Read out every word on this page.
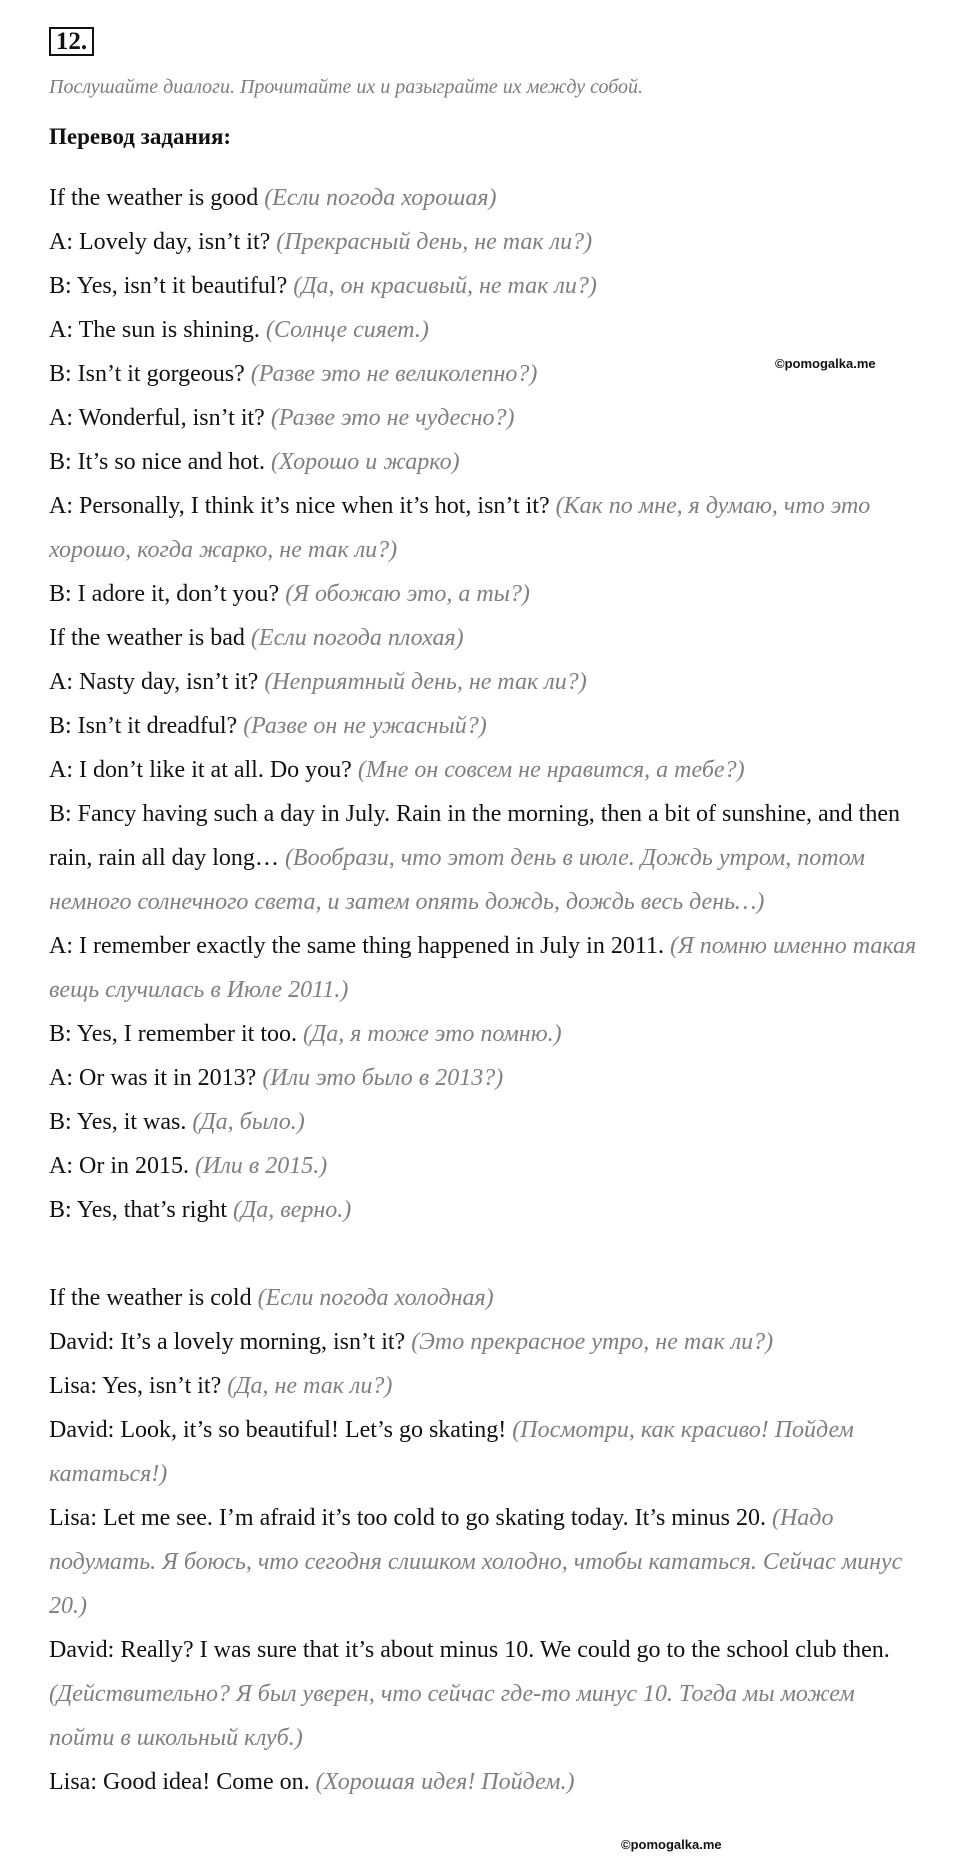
12.
Послушайте диалоги. Прочитайте их и разыграйте их между собой.
Перевод задания:

If the weather is good (Если погода хорошая)

A: Lovely day, isn’t it? (Прекрасный день, не так ли?)

B: Yes, isn’t it beautiful? (Да, он красивый, не так ли?)

A: The sun is shining. (Солнце сияет.)

B: Isn’t it gorgeous? (Разве это не великолепно?)

A: Wonderful, isn’t it? (Разве это не чудесно?)

B: It’s so nice and hot. (Хорошо и жарко)

A: Personally, I think it’s nice when it’s hot, isn’t it? (Как по мне, я думаю, что это хорошо, когда жарко, не так ли?)

B: I adore it, don’t you? (Я обожаю это, а ты?)

If the weather is bad (Если погода плохая)

A: Nasty day, isn’t it? (Неприятный день, не так ли?)

B: Isn’t it dreadful? (Разве он не ужасный?)

A: I don’t like it at all. Do you? (Мне он совсем не нравится, а тебе?)

B: Fancy having such a day in July. Rain in the morning, then a bit of sunshine, and then rain, rain all day long… (Вообрази, что этот день в июле. Дождь утром, потом немного солнечного света, и затем опять дождь, дождь весь день…)

A: I remember exactly the same thing happened in July in 2011. (Я помню именно такая вещь случилась в Июле 2011.)

B: Yes, I remember it too. (Да, я тоже это помню.)

A: Or was it in 2013? (Или это было в 2013?)

B: Yes, it was. (Да, было.)

A: Or in 2015. (Или в 2015.)

B: Yes, that’s right (Да, верно.)

If the weather is cold (Если погода холодная)

David: It’s a lovely morning, isn’t it? (Это прекрасное утро, не так ли?)

Lisa: Yes, isn’t it? (Да, не так ли?)

David: Look, it’s so beautiful! Let’s go skating! (Посмотри, как красиво! Пойдем кататься!)

Lisa: Let me see. I’m afraid it’s too cold to go skating today. It’s minus 20. (Надо подумать. Я боюсь, что сегодня слишком холодно, чтобы кататься. Сейчас минус 20.)

David: Really? I was sure that it’s about minus 10. We could go to the school club then. (Действительно? Я был уверен, что сейчас где-то минус 10. Тогда мы можем пойти в школьный клуб.)

Lisa: Good idea! Come on. (Хорошая идея! Пойдем.)

©pomogalka.me
©pomogalka.me
